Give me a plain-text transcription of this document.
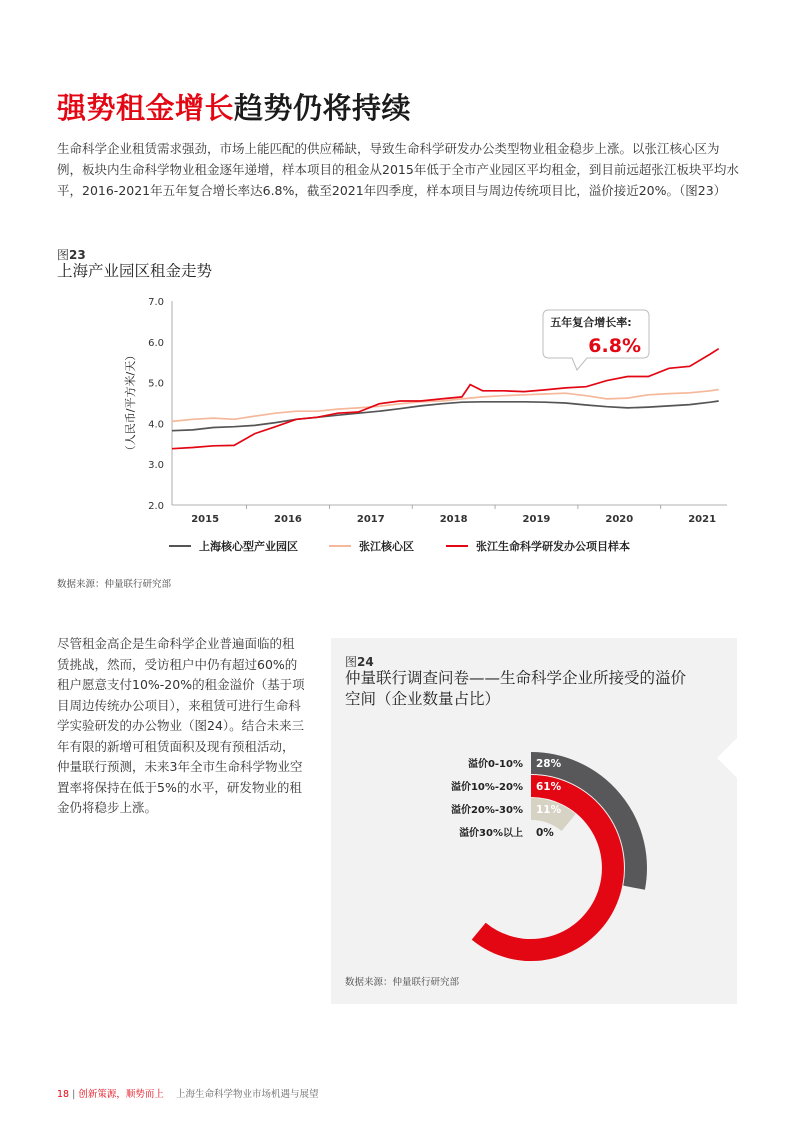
强势租金增长趋势仍将持续
生命科学企业租赁需求强劲，市场上能匹配的供应稀缺，导致生命科学研发办公类型物业租金稳步上涨。以张江核心区为例，板块内生命科学物业租金逐年递增，样本项目的租金从2015年低于全市产业园区平均租金，到目前远超张江板块平均水平，2016-2021年五年复合增长率达6.8%，截至2021年四季度，样本项目与周边传统项目比，溢价接近20%。（图23）
图23
上海产业园区租金走势
7.0
6.0
5.0
4.0
3.0
2.0
2015	2016	2017	2018	2019	2020	2021
（人民币/平方米/天）
五年复合增长率:
6.8%
上海核心型产业园区	张江核心区	张江生命科学研发办公项目样本
数据来源：仲量联行研究部
尽管租金高企是生命科学企业普遍面临的租赁挑战，然而，受访租户中仍有超过60%的租户愿意支付10%-20%的租金溢价（基于项目周边传统办公项目），来租赁可进行生命科学实验研发的办公物业（图24）。结合未来三年有限的新增可租赁面积及现有预租活动，仲量联行预测，未来3年全市生命科学物业空置率将保持在低于5%的水平，研发物业的租金仍将稳步上涨。
图24
仲量联行调查问卷——生命科学企业所接受的溢价
空间（企业数量占比）
溢价0-10% 28%
溢价10%-20% 61%
溢价20%-30% 11%
溢价30%以上 0%
数据来源：仲量联行研究部
18 | 创新策源，顺势而上 上海生命科学物业市场机遇与展望
